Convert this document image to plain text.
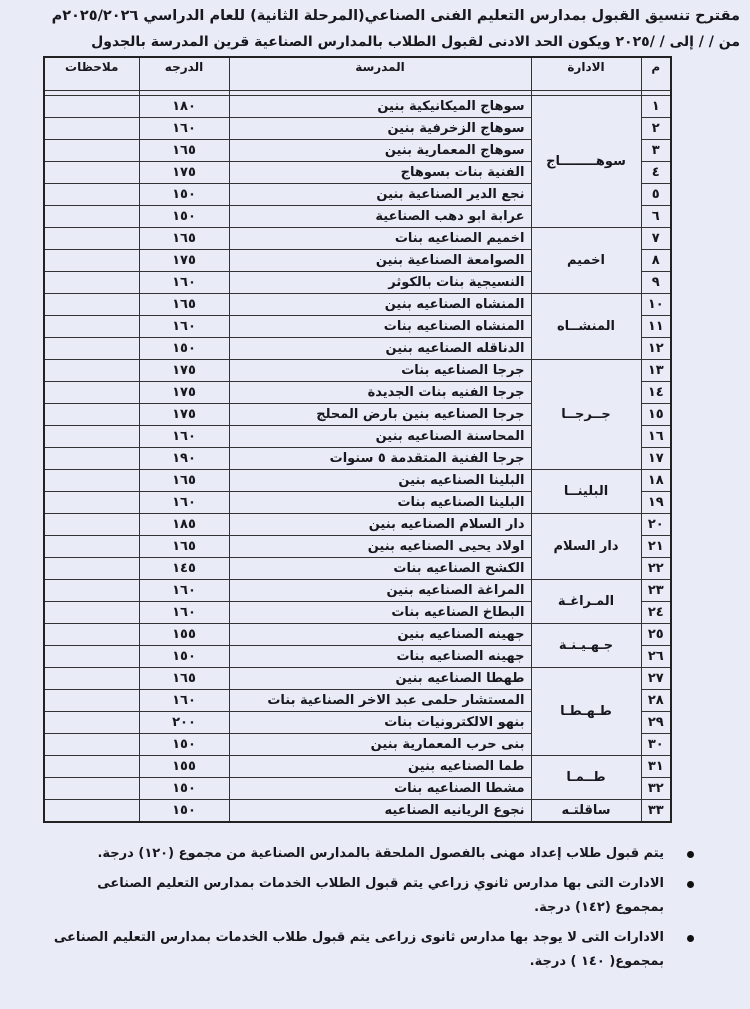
مقترح تنسيق القبول بمدارس التعليم الفنى الصناعي(المرحلة الثانية) للعام الدراسي ٢٠٢٥/٢٠٢٦م
من / / إلى / /٢٠٢٥ ويكون الحد الادنى لقبول الطلاب بالمدارس الصناعية قرين المدرسة بالجدول
م	الادارة	المدرسة	الدرجه	ملاحظات

١	سوهــــــــاج	سوهاج الميكانيكية بنين	١٨٠	
٢		سوهاج الزخرفية بنين	١٦٠	
٣		سوهاج المعمارية بنين	١٦٥	
٤		الفنية بنات بسوهاج	١٧٥	
٥		نجع الدير الصناعية بنين	١٥٠	
٦		عرابة ابو دهب الصناعية	١٥٠	
٧	اخميم	اخميم الصناعيه بنات	١٦٥	
٨		الصوامعة الصناعية بنين	١٧٥	
٩		النسيجية بنات بالكوثر	١٦٠	
١٠	المنشــاه	المنشاه الصناعيه بنين	١٦٥	
١١		المنشاه الصناعيه بنات	١٦٠	
١٢		الدناقله الصناعيه بنين	١٥٠	
١٣	جــرجــا	جرجا الصناعيه بنات	١٧٥	
١٤		جرجا الفنيه بنات الجديدة	١٧٥	
١٥		جرجا الصناعيه بنين بارض المحلج	١٧٥	
١٦		المحاسنة الصناعيه بنين	١٦٠	
١٧		جرجا الفنية المتقدمة ٥ سنوات	١٩٠	
١٨	البلينــا	البلينا الصناعيه بنين	١٦٥	
١٩		البلينا الصناعيه بنات	١٦٠	
٢٠	دار السلام	دار السلام الصناعيه بنين	١٨٥	
٢١		اولاد يحيى الصناعيه بنين	١٦٥	
٢٢		الكشح الصناعيه بنات	١٤٥	
٢٣	المـراغـة	المراغة الصناعيه بنين	١٦٠	
٢٤		البطاخ الصناعيه بنات	١٦٠	
٢٥	جـهـيـنـة	جهينه الصناعيه بنين	١٥٥	
٢٦		جهينه الصناعيه بنات	١٥٠	
٢٧	طـهـطـا	طهطا الصناعيه بنين	١٦٥	
٢٨		المستشار حلمى عبد الاخر الصناعية بنات	١٦٠	
٢٩		بنهو الالكترونيات بنات	٢٠٠	
٣٠		بنى حرب المعمارية بنين	١٥٠	
٣١	طــمـا	طما الصناعيه بنين	١٥٥	
٣٢		مشطا الصناعيه بنات	١٥٠	
٣٣	ساقلتـه	نجوع الريانيه الصناعيه	١٥٠	
يتم قبول طلاب إعداد مهنى بالفصول الملحقة بالمدارس الصناعية من مجموع (١٢٠) درجة.
الادارت التى بها مدارس ثانوي زراعي يتم قبول الطلاب الخدمات بمدارس التعليم الصناعى بمجموع (١٤٢) درجة.
الادارات التى لا يوجد بها مدارس ثانوى زراعى يتم قبول طلاب الخدمات بمدارس التعليم الصناعى بمجموع( ١٤٠ ) درجة.
